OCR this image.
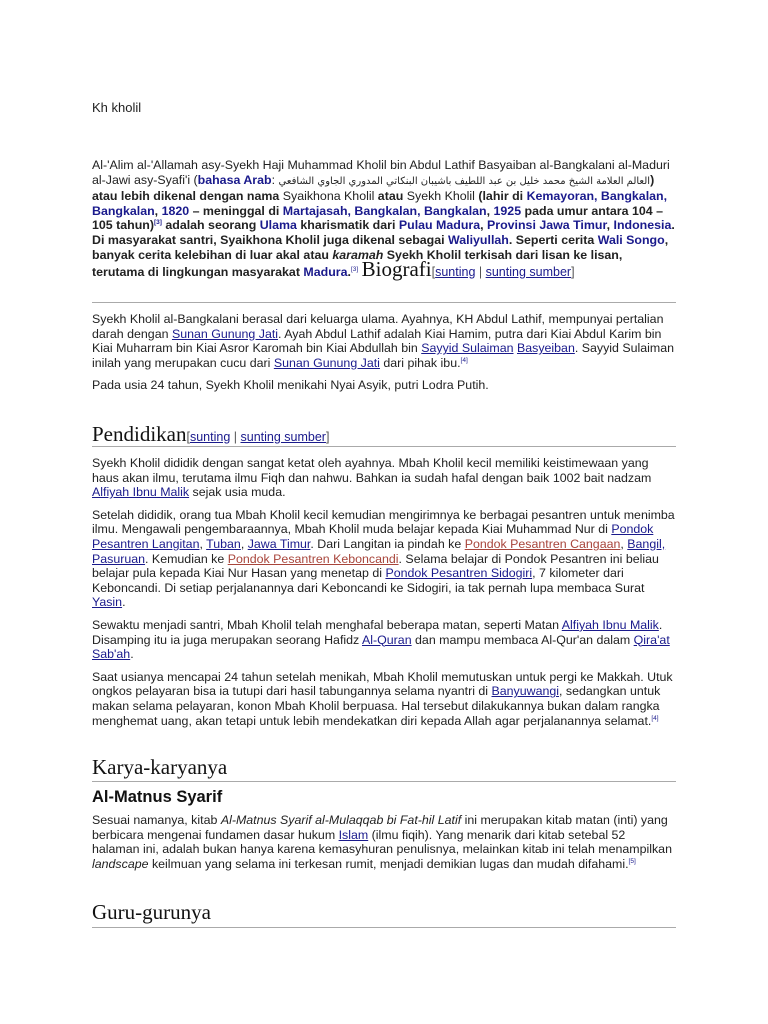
Kh kholil

Al-'Alim al-'Allamah asy-Syekh Haji Muhammad Kholil bin Abdul Lathif Basyaiban al-Bangkalani al-Maduri al-Jawi asy-Syafi'i (bahasa Arab: العالم العلامة الشيخ محمد خليل بن عبد اللطيف باشيبان البنكاتي المدوري الجاوي الشافعي) atau lebih dikenal dengan nama Syaikhona Kholil atau Syekh Kholil (lahir di Kemayoran, Bangkalan, Bangkalan, 1820 – meninggal di Martajasah, Bangkalan, Bangkalan, 1925 pada umur antara 104 – 105 tahun)[3] adalah seorang Ulama kharismatik dari Pulau Madura, Provinsi Jawa Timur, Indonesia. Di masyarakat santri, Syaikhona Kholil juga dikenal sebagai Waliyullah. Seperti cerita Wali Songo, banyak cerita kelebihan di luar akal atau karamah Syekh Kholil terkisah dari lisan ke lisan, terutama di lingkungan masyarakat Madura.[3] Biografi[sunting | sunting sumber]

Syekh Kholil al-Bangkalani berasal dari keluarga ulama. Ayahnya, KH Abdul Lathif, mempunyai pertalian darah dengan Sunan Gunung Jati. Ayah Abdul Lathif adalah Kiai Hamim, putra dari Kiai Abdul Karim bin Kiai Muharram bin Kiai Asror Karomah bin Kiai Abdullah bin Sayyid Sulaiman Basyeiban. Sayyid Sulaiman inilah yang merupakan cucu dari Sunan Gunung Jati dari pihak ibu.[4]

Pada usia 24 tahun, Syekh Kholil menikahi Nyai Asyik, putri Lodra Putih.

Pendidikan[sunting | sunting sumber]

Syekh Kholil dididik dengan sangat ketat oleh ayahnya. Mbah Kholil kecil memiliki keistimewaan yang haus akan ilmu, terutama ilmu Fiqh dan nahwu. Bahkan ia sudah hafal dengan baik 1002 bait nadzam Alfiyah Ibnu Malik sejak usia muda.

Setelah dididik, orang tua Mbah Kholil kecil kemudian mengirimnya ke berbagai pesantren untuk menimba ilmu. Mengawali pengembaraannya, Mbah Kholil muda belajar kepada Kiai Muhammad Nur di Pondok Pesantren Langitan, Tuban, Jawa Timur. Dari Langitan ia pindah ke Pondok Pesantren Cangaan, Bangil, Pasuruan. Kemudian ke Pondok Pesantren Keboncandi. Selama belajar di Pondok Pesantren ini beliau belajar pula kepada Kiai Nur Hasan yang menetap di Pondok Pesantren Sidogiri, 7 kilometer dari Keboncandi. Di setiap perjalanannya dari Keboncandi ke Sidogiri, ia tak pernah lupa membaca Surat Yasin.

Sewaktu menjadi santri, Mbah Kholil telah menghafal beberapa matan, seperti Matan Alfiyah Ibnu Malik. Disamping itu ia juga merupakan seorang Hafidz Al-Quran dan mampu membaca Al-Qur'an dalam Qira'at Sab'ah.

Saat usianya mencapai 24 tahun setelah menikah, Mbah Kholil memutuskan untuk pergi ke Makkah. Utuk ongkos pelayaran bisa ia tutupi dari hasil tabungannya selama nyantri di Banyuwangi, sedangkan untuk makan selama pelayaran, konon Mbah Kholil berpuasa. Hal tersebut dilakukannya bukan dalam rangka menghemat uang, akan tetapi untuk lebih mendekatkan diri kepada Allah agar perjalanannya selamat.[4]

Karya-karyanya
Al-Matnus Syarif

Sesuai namanya, kitab Al-Matnus Syarif al-Mulaqqab bi Fat-hil Latif ini merupakan kitab matan (inti) yang berbicara mengenai fundamen dasar hukum Islam (ilmu fiqih). Yang menarik dari kitab setebal 52 halaman ini, adalah bukan hanya karena kemasyhuran penulisnya, melainkan kitab ini telah menampilkan landscape keilmuan yang selama ini terkesan rumit, menjadi demikian lugas dan mudah difahami.[5]

Guru-gurunya
